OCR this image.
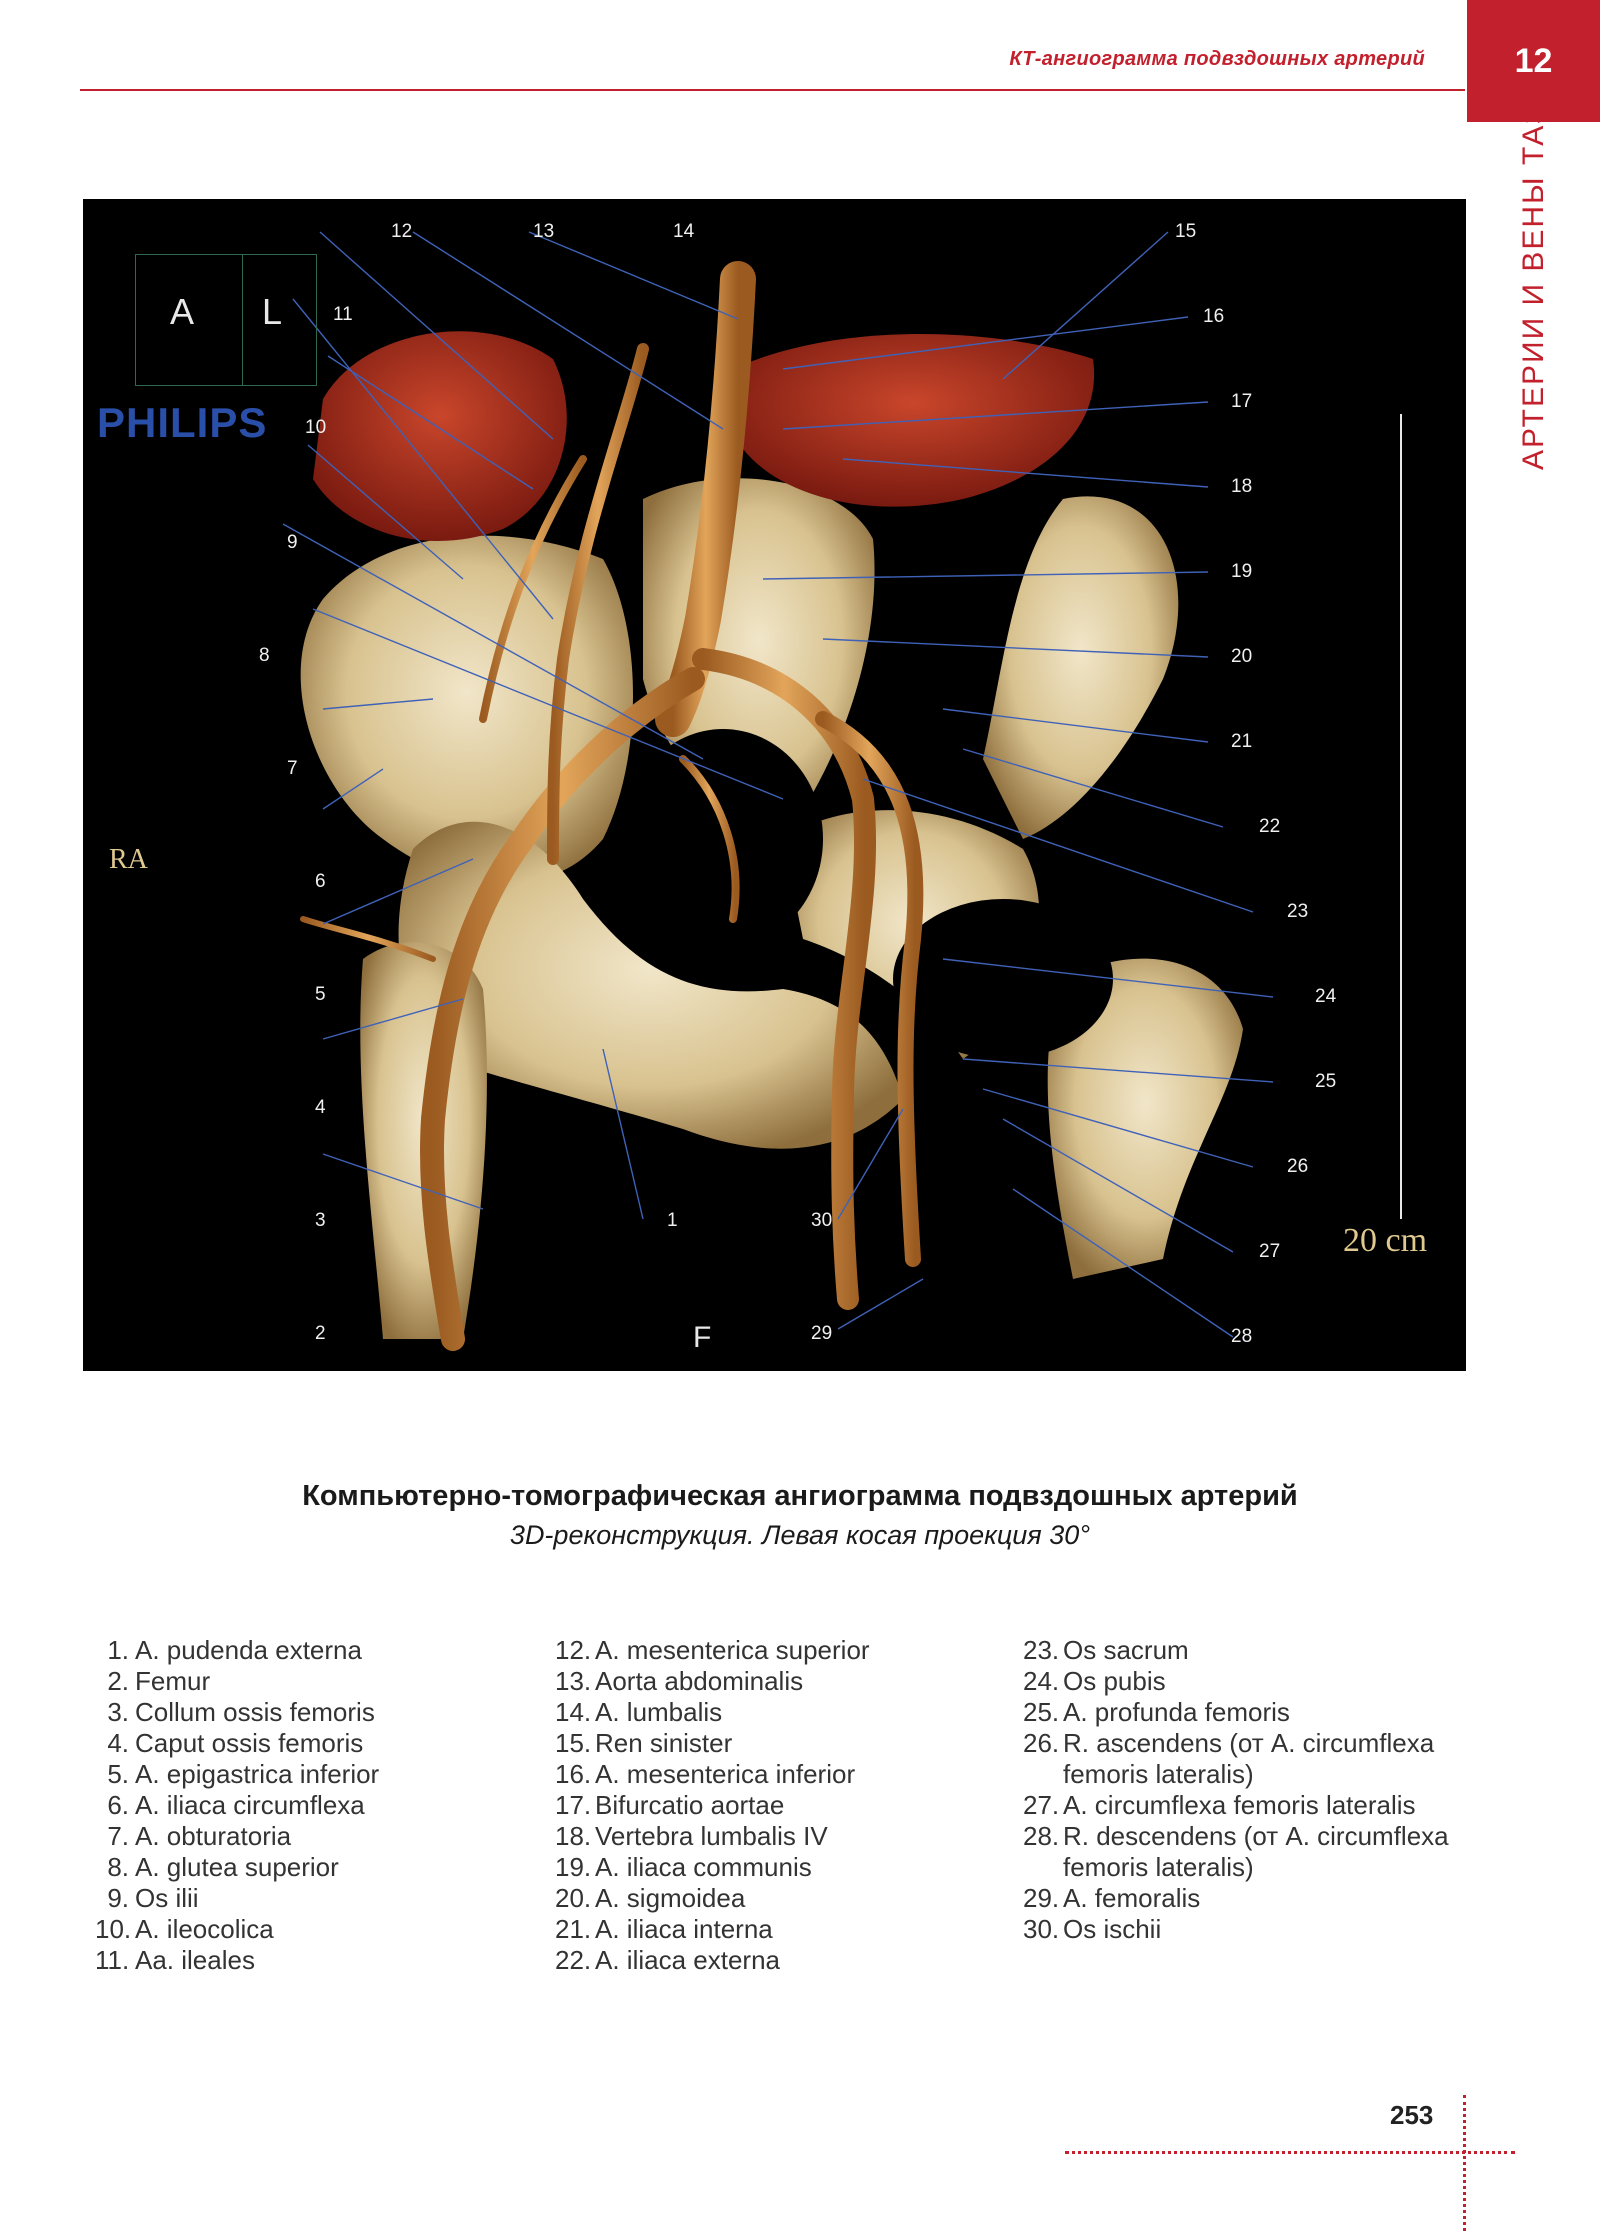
КТ-ангиограмма подвздошных артерий	12
АРТЕРИИ И ВЕНЫ ТАЗА
A L
PHILIPS
RA
F
20 cm
12	13	14
11
10
9
8
7
6
5
4
3
2
1	30
29
15
16
17
18
19
20
21
22
23
24
25
26
27
28
Компьютерно-томографическая ангиограмма подвздошных артерий
3D-реконструкция. Левая косая проекция 30°
1. A. pudenda externa
2. Femur
3. Collum ossis femoris
4. Caput ossis femoris
5. A. epigastrica inferior
6. A. iliaca circumflexa
7. A. obturatoria
8. A. glutea superior
9. Os ilii
10. A. ileocolica
11. Aa. ileales
12. A. mesenterica superior
13. Aorta abdominalis
14. A. lumbalis
15. Ren sinister
16. A. mesenterica inferior
17. Bifurcatio aortae
18. Vertebra lumbalis IV
19. A. iliaca communis
20. A. sigmoidea
21. A. iliaca interna
22. A. iliaca externa
23. Os sacrum
24. Os pubis
25. A. profunda femoris
26. R. ascendens (от A. circumflexa femoris lateralis)
27. A. circumflexa femoris lateralis
28. R. descendens (от A. circumflexa femoris lateralis)
29. A. femoralis
30. Os ischii
253
